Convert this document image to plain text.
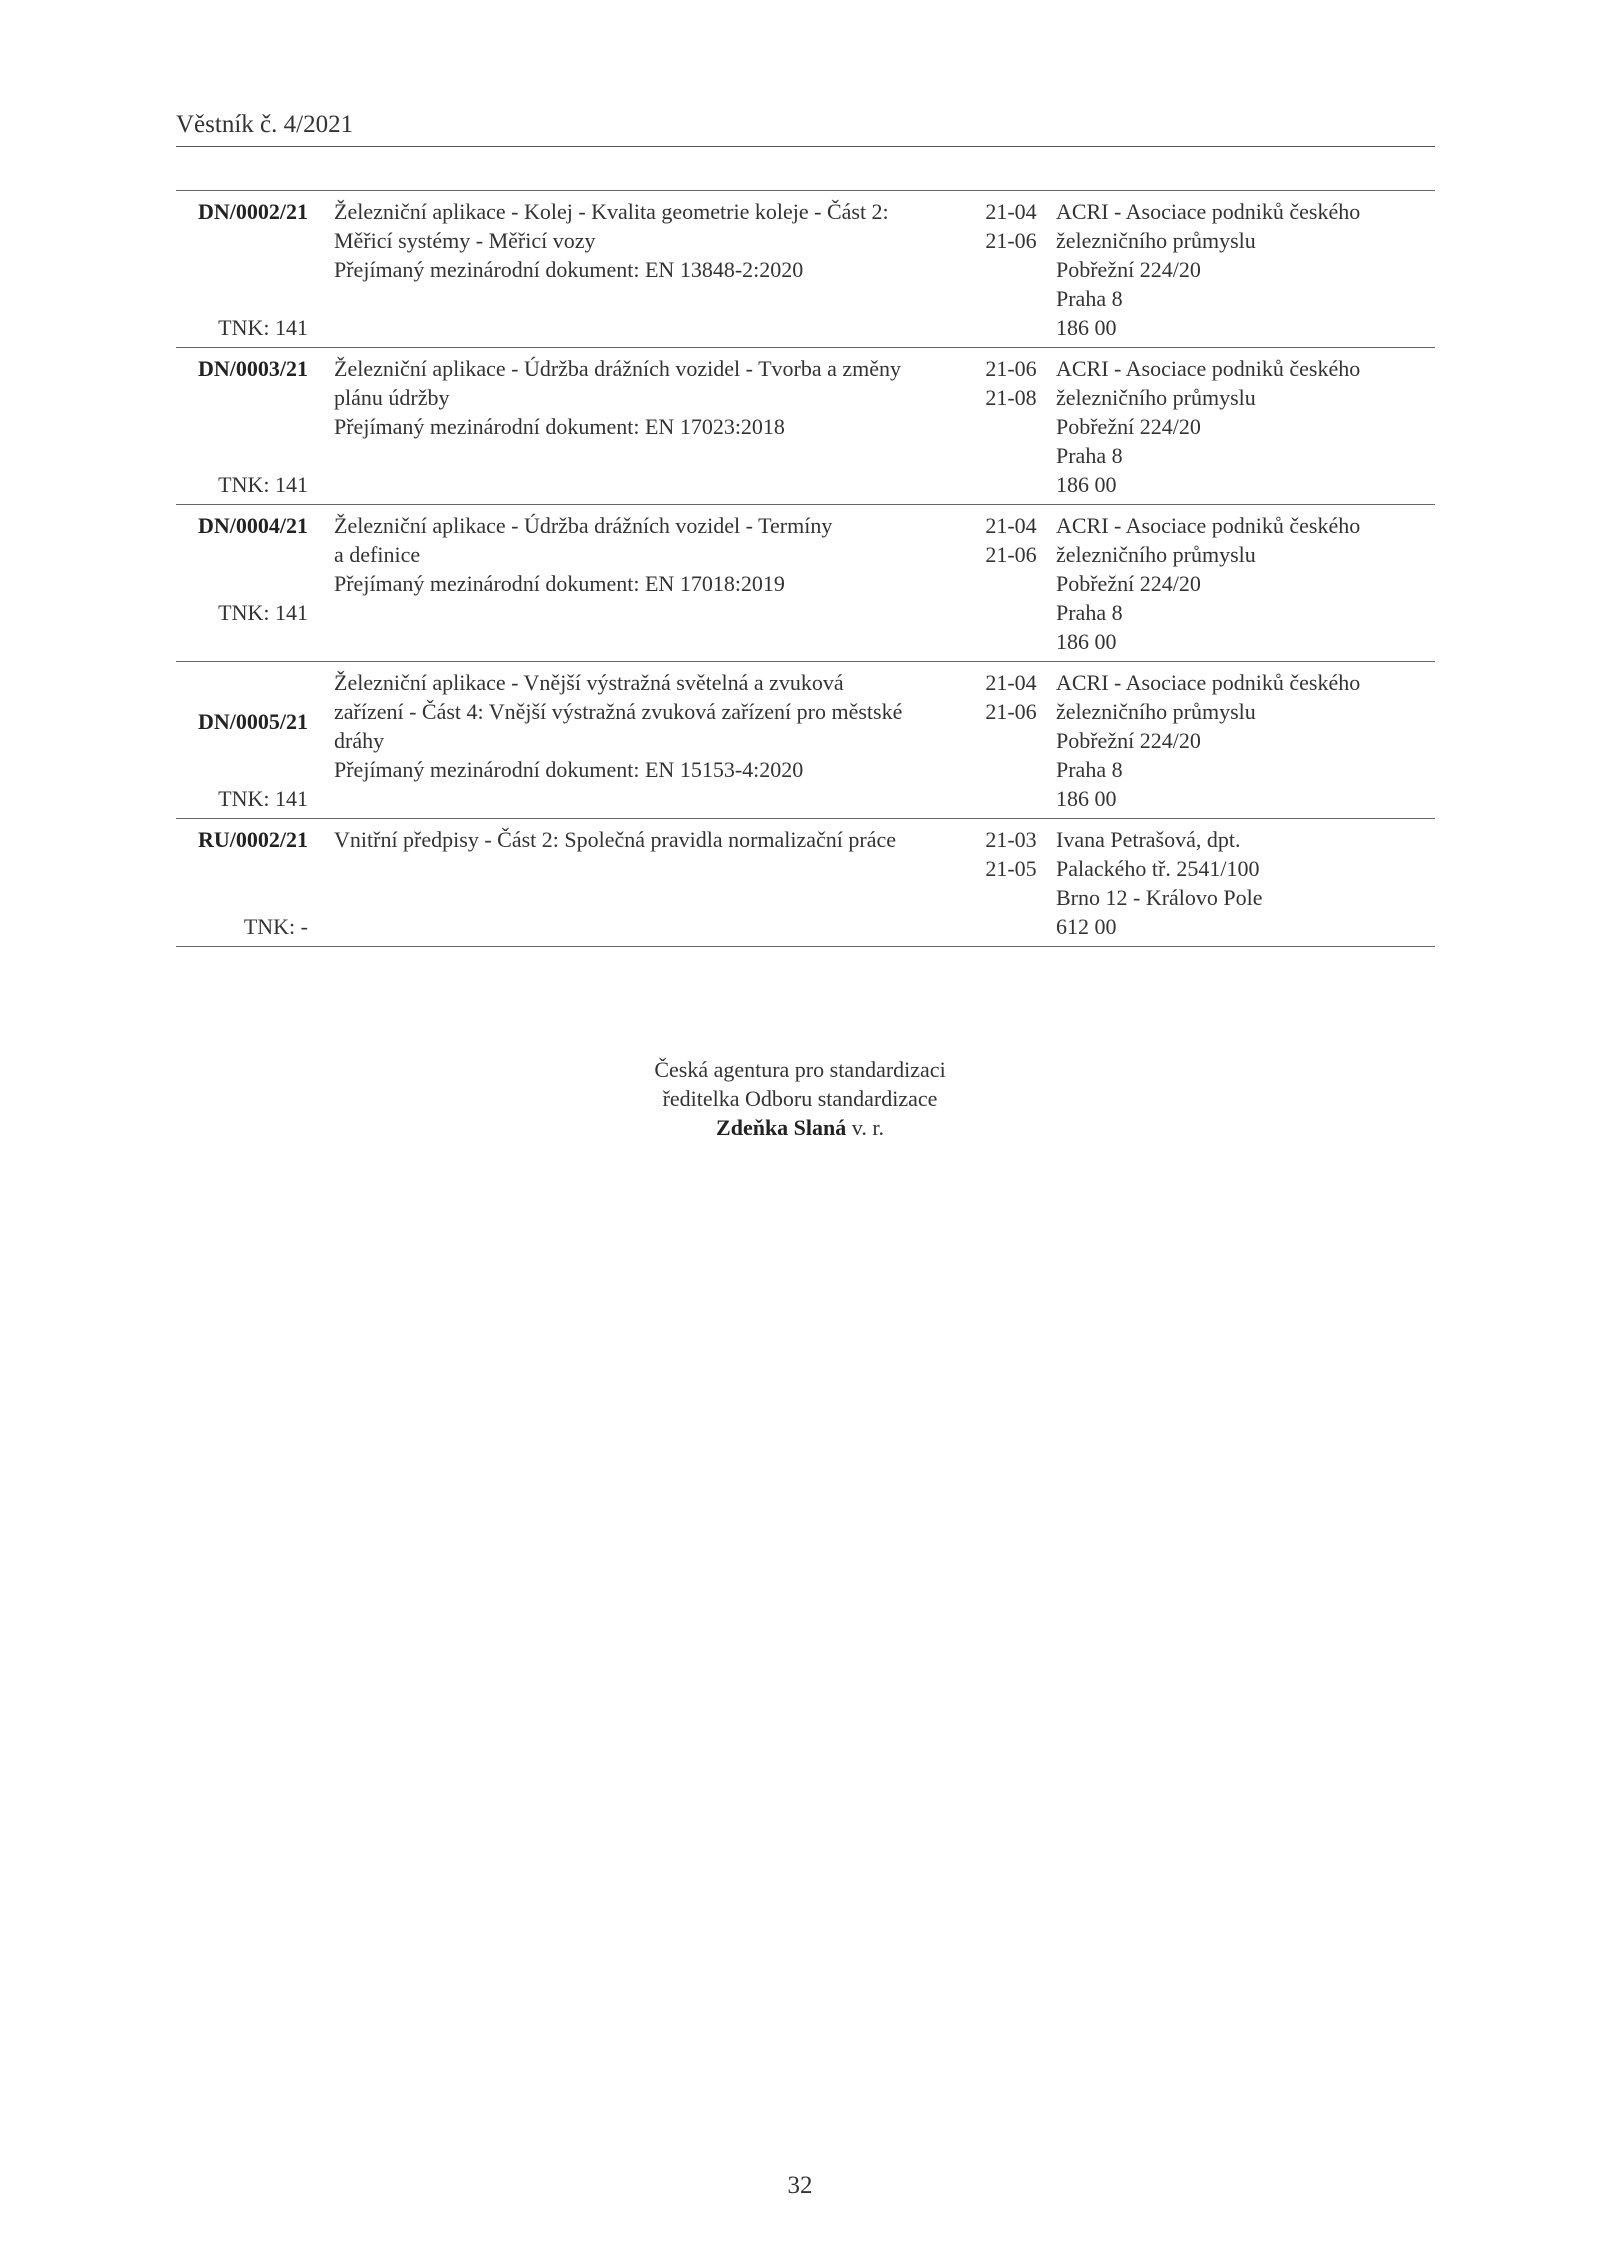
Věstník č. 4/2021
DN/0002/21
TNK: 141
Železniční aplikace - Kolej - Kvalita geometrie koleje - Část 2:
Měřicí systémy - Měřicí vozy
Přejímaný mezinárodní dokument: EN 13848-2:2020
21-04
21-06
ACRI - Asociace podniků českého
železničního průmyslu
Pobřežní 224/20
Praha 8
186 00
DN/0003/21
TNK: 141
Železniční aplikace - Údržba drážních vozidel - Tvorba a změny
plánu údržby
Přejímaný mezinárodní dokument: EN 17023:2018
21-06
21-08
ACRI - Asociace podniků českého
železničního průmyslu
Pobřežní 224/20
Praha 8
186 00
DN/0004/21
TNK: 141
Železniční aplikace - Údržba drážních vozidel - Termíny
a definice
Přejímaný mezinárodní dokument: EN 17018:2019
21-04
21-06
ACRI - Asociace podniků českého
železničního průmyslu
Pobřežní 224/20
Praha 8
186 00
DN/0005/21
TNK: 141
Železniční aplikace - Vnější výstražná světelná a zvuková
zařízení - Část 4: Vnější výstražná zvuková zařízení pro městské
dráhy
Přejímaný mezinárodní dokument: EN 15153-4:2020
21-04
21-06
ACRI - Asociace podniků českého
železničního průmyslu
Pobřežní 224/20
Praha 8
186 00
RU/0002/21
TNK: -
Vnitřní předpisy - Část 2: Společná pravidla normalizační práce	21-03
21-05
Ivana Petrašová, dpt.
Palackého tř. 2541/100
Brno 12 - Královo Pole
612 00
Česká agentura pro standardizaci
ředitelka Odboru standardizace
Zdeňka Slaná v. r.
32
